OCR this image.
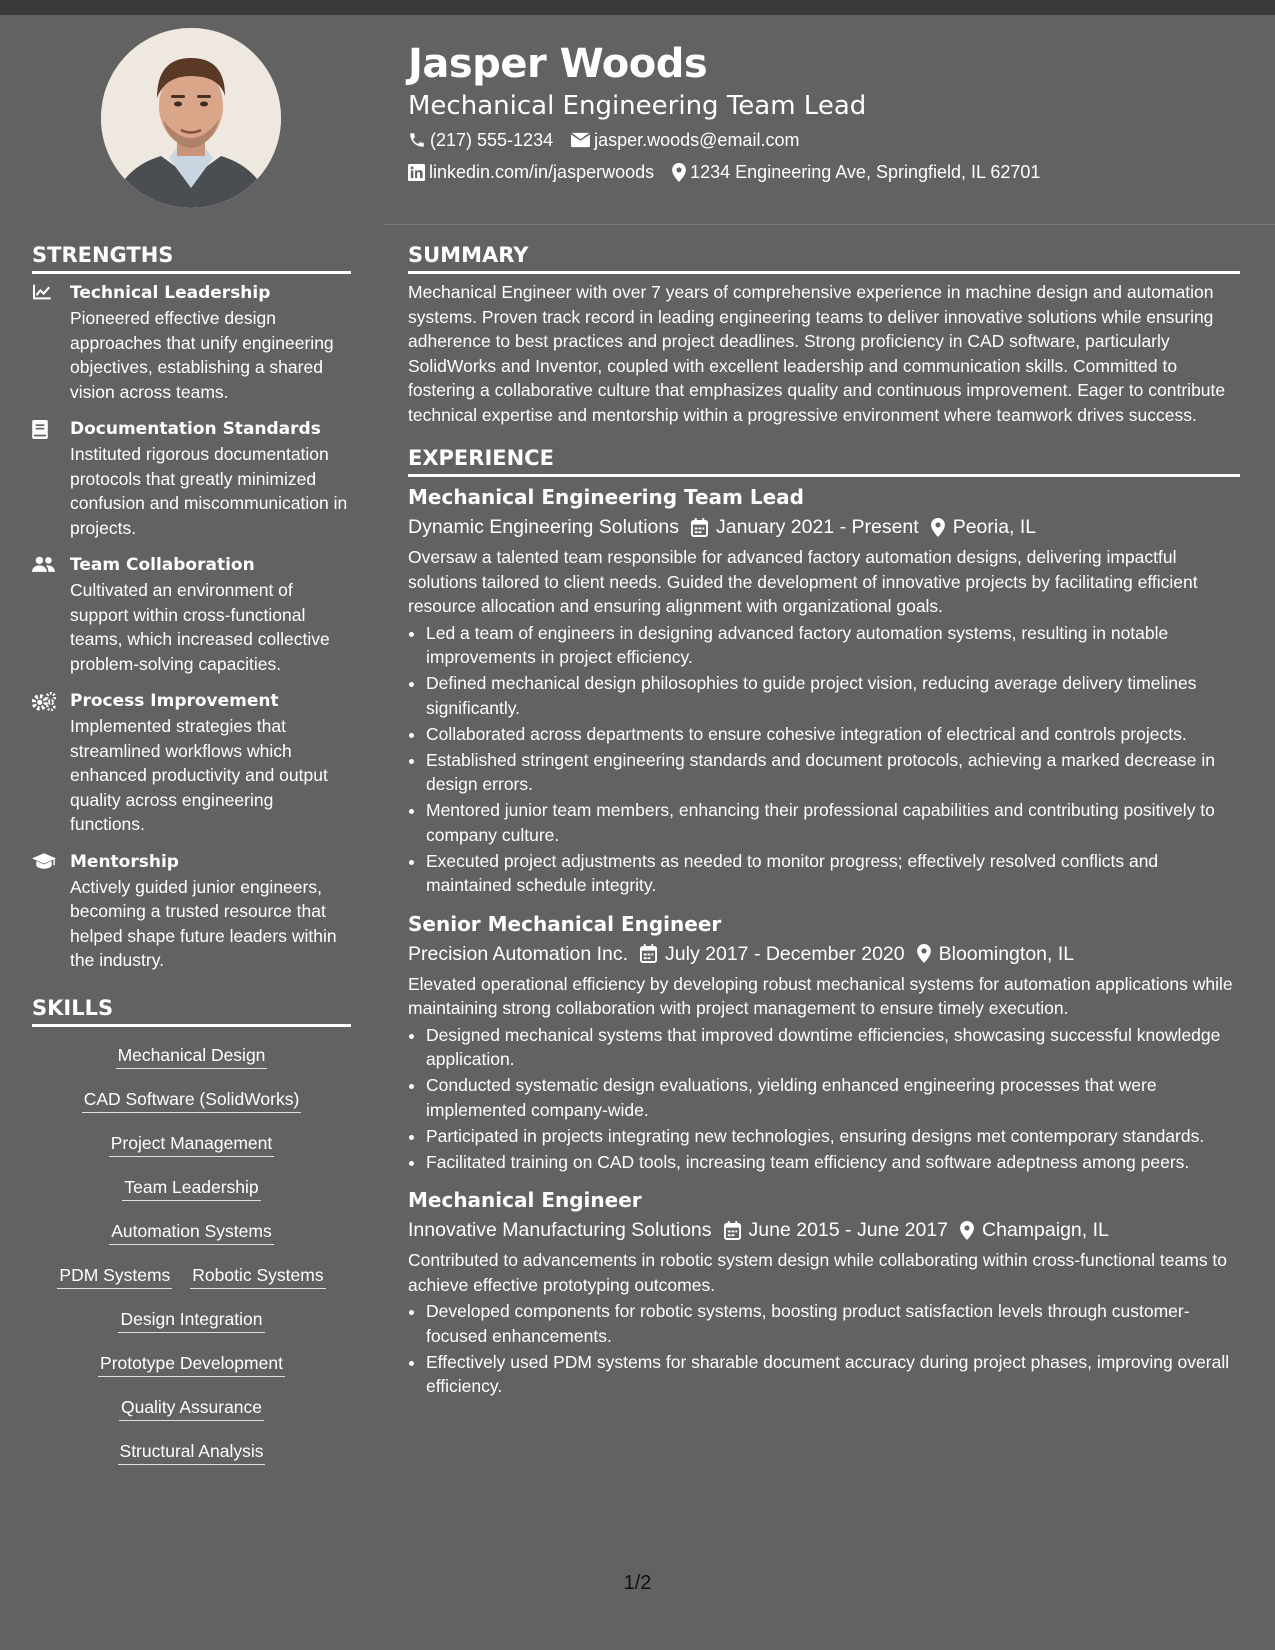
Jasper Woods
Mechanical Engineering Team Lead
(217) 555-1234 jasper.woods@email.com
linkedin.com/in/jasperwoods 1234 Engineering Ave, Springfield, IL 62701
STRENGTHS
Technical Leadership
Pioneered effective design approaches that unify engineering objectives, establishing a shared vision across teams.
Documentation Standards
Instituted rigorous documentation protocols that greatly minimized confusion and miscommunication in projects.
Team Collaboration
Cultivated an environment of support within cross-functional teams, which increased collective problem-solving capacities.
Process Improvement
Implemented strategies that streamlined workflows which enhanced productivity and output quality across engineering functions.
Mentorship
Actively guided junior engineers, becoming a trusted resource that helped shape future leaders within the industry.
SKILLS
Mechanical Design
CAD Software (SolidWorks)
Project Management
Team Leadership
Automation Systems
PDM Systems Robotic Systems
Design Integration
Prototype Development
Quality Assurance
Structural Analysis
SUMMARY
Mechanical Engineer with over 7 years of comprehensive experience in machine design and automation systems. Proven track record in leading engineering teams to deliver innovative solutions while ensuring adherence to best practices and project deadlines. Strong proficiency in CAD software, particularly SolidWorks and Inventor, coupled with excellent leadership and communication skills. Committed to fostering a collaborative culture that emphasizes quality and continuous improvement. Eager to contribute technical expertise and mentorship within a progressive environment where teamwork drives success.
EXPERIENCE
Mechanical Engineering Team Lead
Dynamic Engineering Solutions January 2021 - Present Peoria, IL
Oversaw a talented team responsible for advanced factory automation designs, delivering impactful solutions tailored to client needs. Guided the development of innovative projects by facilitating efficient resource allocation and ensuring alignment with organizational goals.
• Led a team of engineers in designing advanced factory automation systems, resulting in notable improvements in project efficiency.
• Defined mechanical design philosophies to guide project vision, reducing average delivery timelines significantly.
• Collaborated across departments to ensure cohesive integration of electrical and controls projects.
• Established stringent engineering standards and document protocols, achieving a marked decrease in design errors.
• Mentored junior team members, enhancing their professional capabilities and contributing positively to company culture.
• Executed project adjustments as needed to monitor progress; effectively resolved conflicts and maintained schedule integrity.
Senior Mechanical Engineer
Precision Automation Inc. July 2017 - December 2020 Bloomington, IL
Elevated operational efficiency by developing robust mechanical systems for automation applications while maintaining strong collaboration with project management to ensure timely execution.
• Designed mechanical systems that improved downtime efficiencies, showcasing successful knowledge application.
• Conducted systematic design evaluations, yielding enhanced engineering processes that were implemented company-wide.
• Participated in projects integrating new technologies, ensuring designs met contemporary standards.
• Facilitated training on CAD tools, increasing team efficiency and software adeptness among peers.
Mechanical Engineer
Innovative Manufacturing Solutions June 2015 - June 2017 Champaign, IL
Contributed to advancements in robotic system design while collaborating within cross-functional teams to achieve effective prototyping outcomes.
• Developed components for robotic systems, boosting product satisfaction levels through customer-focused enhancements.
• Effectively used PDM systems for sharable document accuracy during project phases, improving overall efficiency.
1/2
